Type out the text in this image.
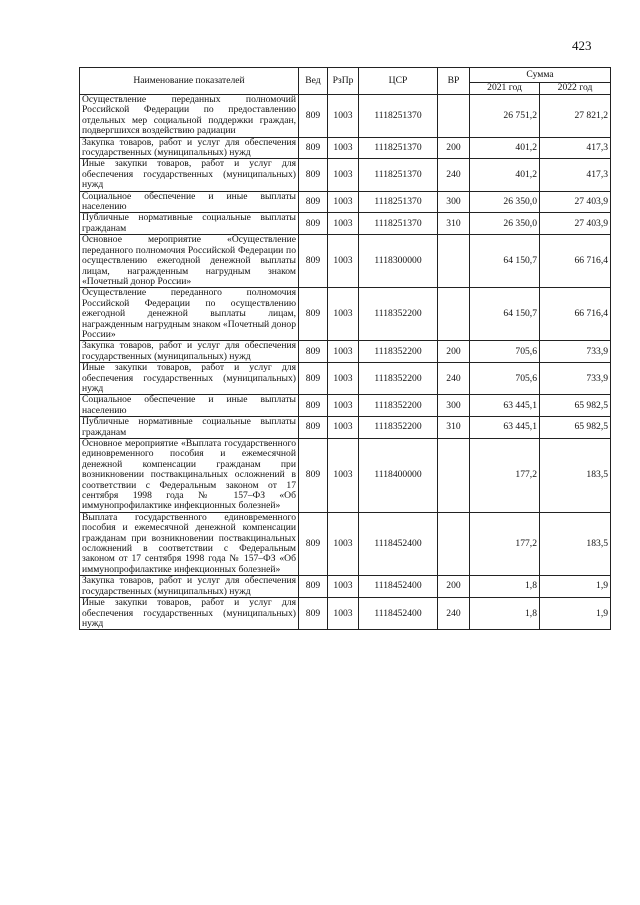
423
Наименование показателей	Вед	РзПр	ЦСР	ВР	Сумма	
					2021 год	2022 год
Осуществление переданных полномочий Российской Федерации по предоставлению отдельных мер социальной поддержки граждан, подвергшихся воздействию радиации	809	1003	1118251370		26 751,2	27 821,2
Закупка товаров, работ и услуг для обеспечения государственных (муниципальных) нужд	809	1003	1118251370	200	401,2	417,3
Иные закупки товаров, работ и услуг для обеспечения государственных (муниципальных) нужд	809	1003	1118251370	240	401,2	417,3
Социальное обеспечение и иные выплаты населению	809	1003	1118251370	300	26 350,0	27 403,9
Публичные нормативные социальные выплаты гражданам	809	1003	1118251370	310	26 350,0	27 403,9
Основное мероприятие «Осуществление переданного полномочия Российской Федерации по осуществлению ежегодной денежной выплаты лицам, награжденным нагрудным знаком «Почетный донор России»	809	1003	1118300000		64 150,7	66 716,4
Осуществление переданного полномочия Российской Федерации по осуществлению ежегодной денежной выплаты лицам, награжденным нагрудным знаком «Почетный донор России»	809	1003	1118352200		64 150,7	66 716,4
Закупка товаров, работ и услуг для обеспечения государственных (муниципальных) нужд	809	1003	1118352200	200	705,6	733,9
Иные закупки товаров, работ и услуг для обеспечения государственных (муниципальных) нужд	809	1003	1118352200	240	705,6	733,9
Социальное обеспечение и иные выплаты населению	809	1003	1118352200	300	63 445,1	65 982,5
Публичные нормативные социальные выплаты гражданам	809	1003	1118352200	310	63 445,1	65 982,5
Основное мероприятие «Выплата государственного единовременного пособия и ежемесячной денежной компенсации гражданам при возникновении поствакцинальных осложнений в соответствии с Федеральным законом от 17 сентября 1998 года № 157–ФЗ «Об иммунопрофилактике инфекционных болезней»	809	1003	1118400000		177,2	183,5
Выплата государственного единовременного пособия и ежемесячной денежной компенсации гражданам при возникновении поствакцинальных осложнений в соответствии с Федеральным законом от 17 сентября 1998 года № 157–ФЗ «Об иммунопрофилактике инфекционных болезней»	809	1003	1118452400		177,2	183,5
Закупка товаров, работ и услуг для обеспечения государственных (муниципальных) нужд	809	1003	1118452400	200	1,8	1,9
Иные закупки товаров, работ и услуг для обеспечения государственных (муниципальных) нужд	809	1003	1118452400	240	1,8	1,9
